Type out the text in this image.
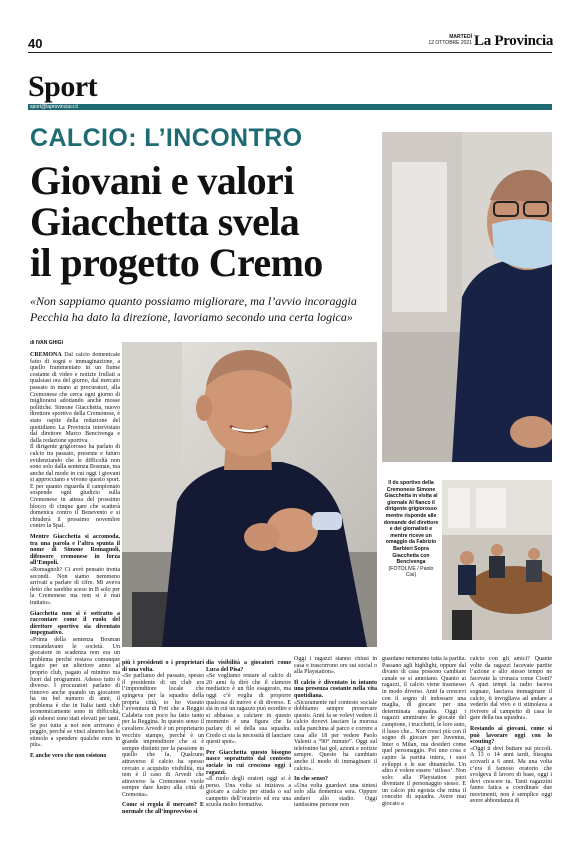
40	MARTEDÌ
12 OTTOBRE 2021 La Provincia
Sport
sport@laprovinciacr.it
CALCIO: L’INCONTRO
Giovani e valori
Giacchetta svela
il progetto Cremo
«Non sappiamo quanto possiamo migliorare, ma l’avvio incoraggia Pecchia ha dato la direzione, lavoriamo secondo una certa logica»
di IVAN GHIGI
Il ds sportivo della Cremonese Simone Giacchetta in visita al giornale Al fianco il dirigente grigiorosso mentre risponde alle domande del direttore e dei giornalisti e mentre riceve un omaggio da Fabrizio Barbieri Sopra Giacchetta con Bencivenga
(FOTOLIVE / Paolo Cisi)

CREMONA Dal calcio domenicale fatto di sogni e immaginazione, a quello frammentato in un fiume costante di video e notizie frullati a qualsiasi ora del giorno, dal mercato passato in mano ai procuratori, alla Cremonese che cerca ogni giorno di migliorarsi adottando anche mosse politiche. Simone Giacchetta, nuovo direttore sportivo della Cremonese, è stato ospite della redazione del quotidiano La Provincia intervistato dal direttore Marco Bencivenga e dalla redazione sportiva.

Il dirigente grigiorosso ha parlato di calcio tra passato, presente e futuro evidenziando che le difficoltà non sono solo dalla sentenza Bosman, ma anche dal modo in cui oggi i giovani si approcciano e vivono questo sport. E per quanto riguarda il campionato sospende ogni giudizio sulla Cremonese in attesa del prossimo blocco di cinque gare che scatterà domenica contro il Benevento e si chiuderà il prossimo novembre contro la Spal.

Mentre Giacchetta si accomoda, tra una parola e l’altra spunta il nome di Simone Romagnoli, difensore cremonese in forza all’Empoli.

«Romagnoli? Ci avrò pensato trenta secondi. Non siamo nemmeno arrivati a parlare di cifre. Mi aveva detto che sarebbe sceso in B solo per la Cremonese ma non si è mai trattato».

Giacchetta non si è sottratto a raccontare come il ruolo del direttore sportivo sia diventato impegnativo.

«Prima della sentenza Bosman comandavano le società. Un giocatore in scadenza non era un problema perché restava comunque legato per un ulteriore anno al proprio club, pagato al minimo ma fuori dal programmi. Adesso tutto è diverso. I procuratori parlano di rinnovo anche quando un giocatore ha un bel numero di anni, il problema è che in Italia tanti club economicamente sono in difficoltà, gli esborsi sono stati elevati per tanti. Se poi tutta a noi non arrivano è peggio, perché se vinci almeno hai lo stimolo a spendere qualche euro in più».

E anche vero che non esistono

più i presidenti o i proprietari di una volta.

«Se parliamo del passato, spesso il presidente di un club era l’imprenditore locale che spingeva per la squadra della propria città, io ho vissuto l’avventura di Foti che a Reggio Calabria con poco ha fatto tanto per la Reggina. In questo senso il cavaliere Arvedi è un proprietario vecchio stampo, perché è un grande imprenditore che si è sempre distinto per la passione in quello che fa. Qualcuno attraverso il calcio ha spesso cercato e acquisito visibilità, ma non è il caso di Arvedi che attraverso la Cremonese vuole sempre dare lustro alla città di Cremona».

Come si regola il mercato? E normale che all’improvviso si

dia visibilità a giocatori come Luca del Pisa?

«Se vogliamo restare al calcio di 20 anni fa dirò che il clamore mediatico è un filo esagerato, ma oggi c’è voglia di proporre qualcosa di nuovo e di diverso. E stà in cui un ragazzo può esordire e si abbassa a calciare in questo momento è una figura che fa parlare di sé della sua squadra. Credo ci sia la necessità di lanciare questi spot».

Per Giacchetta questo bisogno nasce soprattutto dal contesto sociale in cui crescono oggi i ragazzi.

«Il ruolo degli oratori oggi si è perso. Una volta si iniziava a giocare a calcio per strada o sul campetto dell’oratorio ed era una scuola molto formativa.

Oggi i ragazzi stanno chiusi in casa e trascorrono ore sui social o alla Playstation».

Il calcio è diventato in intanto una presenza costante nella vita quotidiana.

«Sicuramente nel contesto sociale dobbiamo sempre preservare questo. Anni fa se volevi vedere il calcio dovevi lasciare la morosa sulla panchina al parco e correre a casa alle 18 per vedere Paolo Valenti a “90° minuto”. Oggi sul telefonino hai gol, azioni e notizie sempre. Questo ha cambiato anche il modo di immaginare il calcio».

In che senso?

«Una volta guardavi una sintesi solo alla domenica sera. Oppure andavi allo stadio. Oggi tantissime persone non

guardano nemmeno tutta la partita. Passano agli highlight, oppure dal divano di casa possono cambiare canale se si annoiano. Quanto ai ragazzi, il calcio viene trasmesso in modo diverso. Anni fa crescevi con il sogno di indossare una maglia, di giocare per una determinata squadra. Oggi i ragazzi ammirano le giocate del campione, i trucchetti, le loro auto, il lusso che... Non cresci più con il sogno di giocare per Juventus, Inter o Milan, ma desideri come quel personaggio. Poi uno cosa e capire la partita intera, i suoi sviluppi e le sue dinamiche. Un altro è volere essere ‘stiloso’. Non solo: alla Playstation puoi diventare il personaggio stesso. E un calcio più egoista che mina il concetto di squadra. Avere mai giocato a

calcio con gli amici? Quante volte da ragazzi facevate partite l’azione e allo stesso tempo ne facevate la cronaca come Cioni? A quei tempi la radio faceva sognare, lasciava immaginare il calcio, ti invogliava ad andare a vederlo dal vivo e ti stimolava a rivivere al campetto di casa le gare della tua squadra».

Restando ai giovani, come si può lavorare oggi con lo scouting?

«Oggi ti devi buttare sui piccoli. A 13 o 14 anni tardi, bisogna scovarli a 6 anni. Ma una volta c’era il famoso oratorio che svolgeva il lavoro di base, oggi i devi crescere tu. Tanti ragazzini fanno fatica a coordinare due movimenti, non è semplice oggi avere abbondanza di
